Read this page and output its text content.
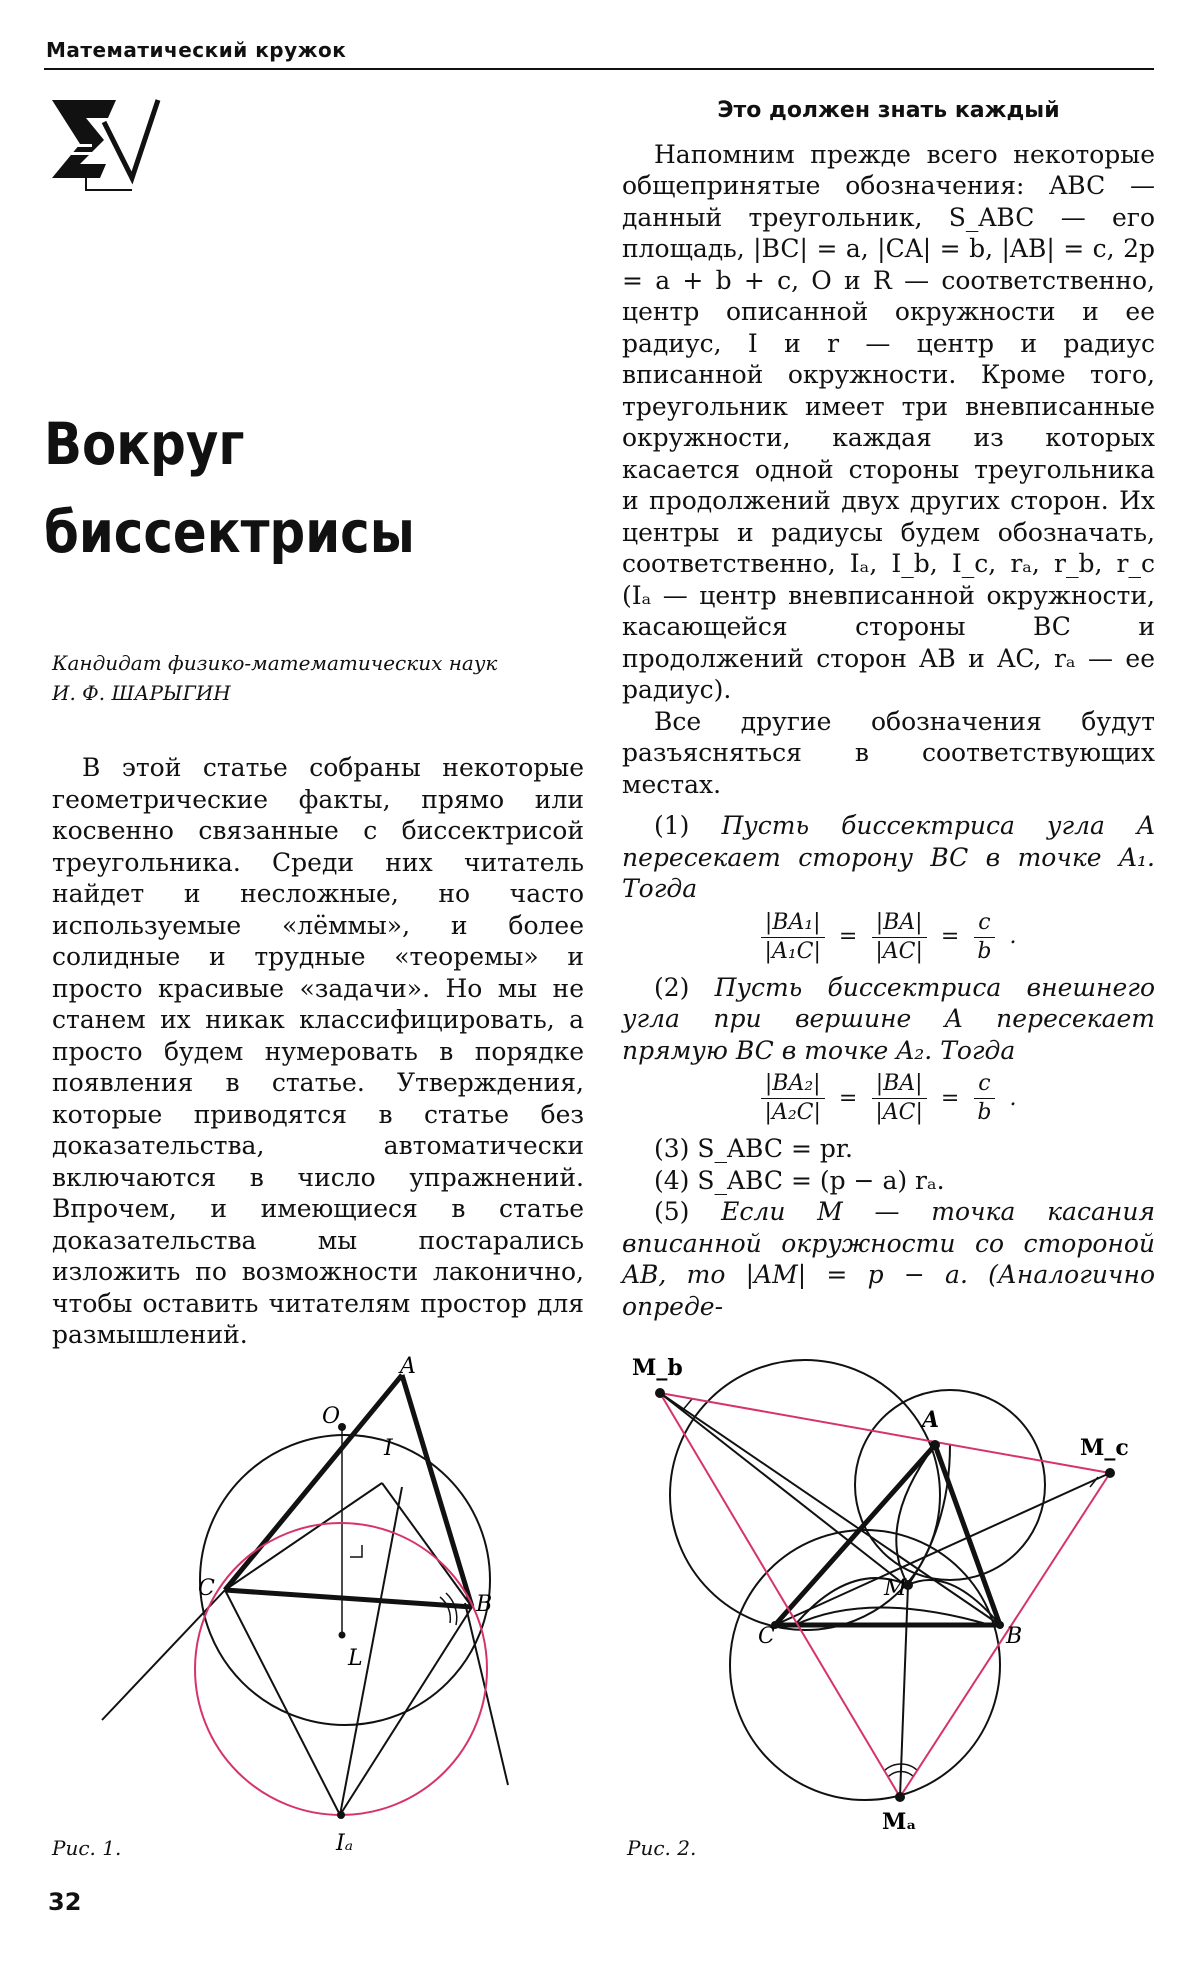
Математический кружок
Вокруг
биссектрисы
Кандидат физико-математических наук
И. Ф. ШАРЫГИН

В этой статье собраны некоторые геометрические факты, прямо или косвенно связанные с биссектрисой треугольника. Среди них читатель найдет и несложные, но часто используемые «лёммы», и более солидные и трудные «теоремы» и просто красивые «задачи». Но мы не станем их никак классифицировать, а просто будем нумеровать в порядке появления в статье. Утверждения, которые приводятся в статье без доказательства, автоматически включаются в число упражнений. Впрочем, и имеющиеся в статье доказательства мы постарались изложить по возможности лаконично, чтобы оставить читателям простор для размышлений.

Это должен знать каждый

Напомним прежде всего некоторые общепринятые обозначения: ABC — данный треугольник, S_ABC — его площадь, |BC| = a, |CA| = b, |AB| = c, 2p = a + b + c, O и R — соответственно, центр описанной окружности и ее радиус, I и r — центр и радиус вписанной окружности. Кроме того, треугольник имеет три вневписанные окружности, каждая из которых касается одной стороны треугольника и продолжений двух других сторон. Их центры и радиусы будем обозначать, соответственно, Iₐ, I_b, I_c, rₐ, r_b, r_c (Iₐ — центр вневписанной окружности, касающейся стороны BC и продолжений сторон AB и AC, rₐ — ее радиус).

Все другие обозначения будут разъясняться в соответствующих местах.

(1) Пусть биссектриса угла A пересекает сторону BC в точке A₁. Тогда

$\frac{\text{|BA₁|}}{\text{|A₁C|}} = \frac{|BA|}{|AC|} = \frac{c}{b}$ .

(2) Пусть биссектриса внешнего угла при вершине A пересекает прямую BC в точке A₂. Тогда

$\frac{\text{|BA₂|}}{\text{|A₂C|}} = \frac{|BA|}{|AC|} = \frac{c}{b}$ .

(3) S_ABC = pr.

(4) S_ABC = (p − a) rₐ.

(5) Если M — точка касания вписанной окружности со стороной AB, то |AM| = p − a. (Аналогично опреде-

A
B
C
O
I
L
Iₐ
Рис. 1.
M_b
A
M_c
M
C	B
Mₐ
Рис. 2.
32
